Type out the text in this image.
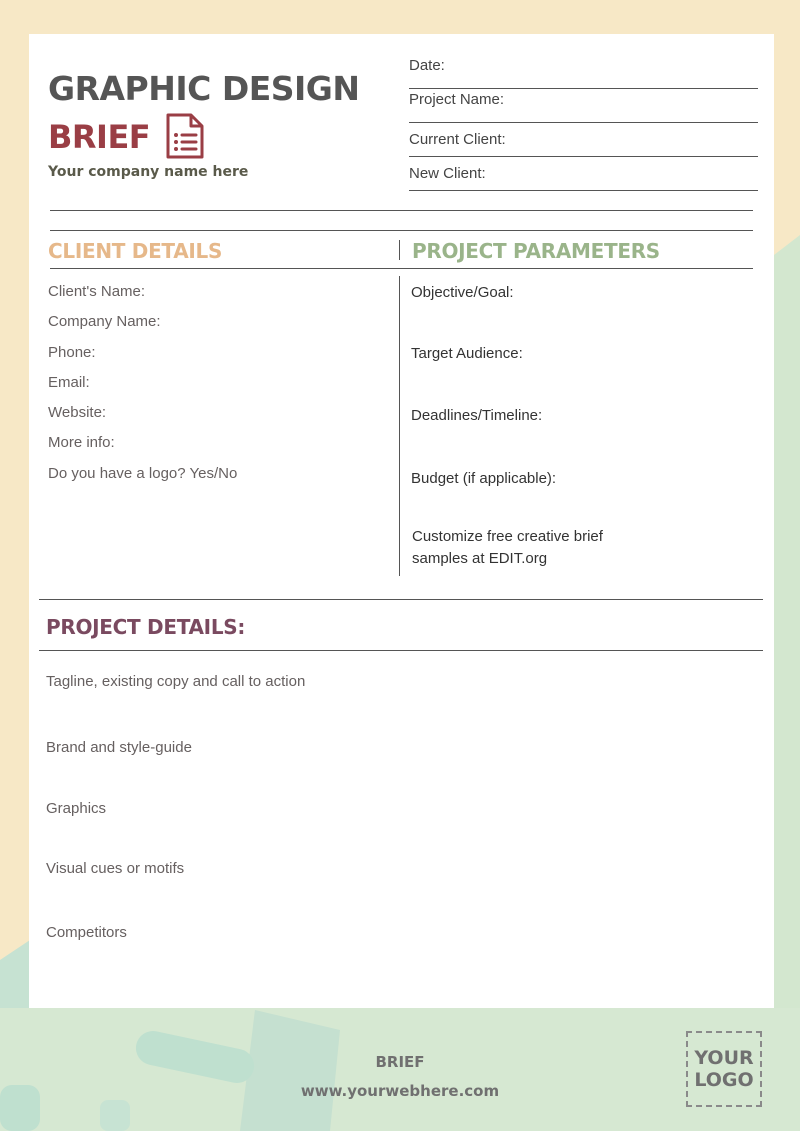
GRAPHIC DESIGN
BRIEF
Your company name here
Date:
Project Name:
Current Client:
New Client:
CLIENT DETAILS	PROJECT PARAMETERS
Client's Name:
Company Name:
Phone:
Email:
Website:
More info:
Do you have a logo? Yes/No
Objective/Goal:
Target Audience:
Deadlines/Timeline:
Budget (if applicable):
Customize free creative brief
samples at EDIT.org
PROJECT DETAILS:
Tagline, existing copy and call to action
Brand and style-guide
Graphics
Visual cues or motifs
Competitors
BRIEF
www.yourwebhere.com
YOUR
LOGO
